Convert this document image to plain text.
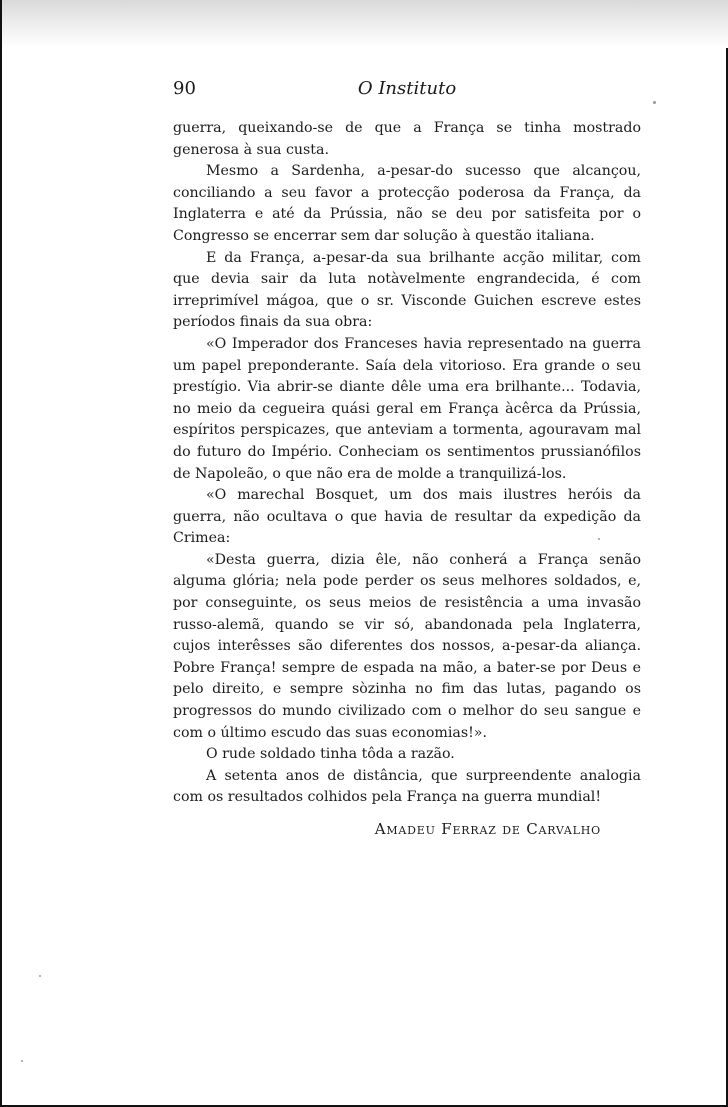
90	O Instituto

guerra, queixando-se de que a França se tinha mostrado generosa à sua custa.

Mesmo a Sardenha, a-pesar-do sucesso que alcançou, conciliando a seu favor a protecção poderosa da França, da Inglaterra e até da Prússia, não se deu por satisfeita por o Congresso se encerrar sem dar solução à questão italiana.

E da França, a-pesar-da sua brilhante acção militar, com que devia sair da luta notàvelmente engrandecida, é com irreprimível mágoa, que o sr. Visconde Guichen escreve estes períodos finais da sua obra:

«O Imperador dos Franceses havia representado na guerra um papel preponderante. Saía dela vitorioso. Era grande o seu prestígio. Via abrir-se diante dêle uma era brilhante... Todavia, no meio da cegueira quási geral em França àcêrca da Prússia, espíritos perspicazes, que anteviam a tormenta, agouravam mal do futuro do Império. Conheciam os sentimentos prussianófilos de Napoleão, o que não era de molde a tranquilizá-los.

«O marechal Bosquet, um dos mais ilustres heróis da guerra, não ocultava o que havia de resultar da expedição da Crimea:

«Desta guerra, dizia êle, não conherá a França senão alguma glória; nela pode perder os seus melhores soldados, e, por conseguinte, os seus meios de resistência a uma invasão russo-alemã, quando se vir só, abandonada pela Inglaterra, cujos interêsses são diferentes dos nossos, a-pesar-da aliança. Pobre França! sempre de espada na mão, a bater-se por Deus e pelo direito, e sempre sòzinha no fim das lutas, pagando os progressos do mundo civilizado com o melhor do seu sangue e com o último escudo das suas economias!».

O rude soldado tinha tôda a razão.

A setenta anos de distância, que surpreendente analogia com os resultados colhidos pela França na guerra mundial!

Amadeu Ferraz de Carvalho
